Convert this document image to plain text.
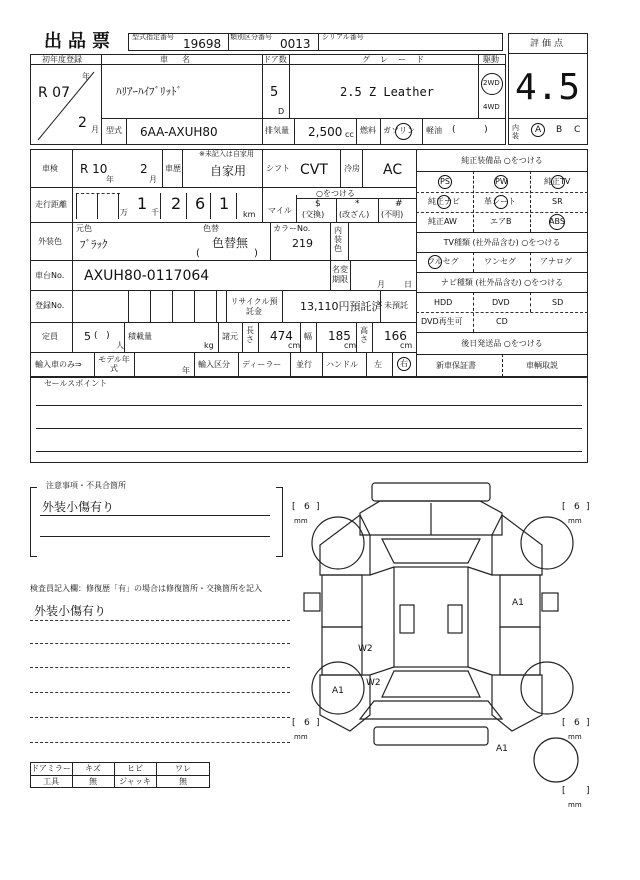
出品票 型式指定番号 19698 類別区分番号 0013 シリアル番号
評価点
4.5
内装
A B C
初年度登録
年
R 07
2 月
車名
ﾊﾘｱｰﾊｲﾌﾞﾘｯﾄﾞ
ドア数
5
D
グレード
2.5 Z Leather
駆動
2WD
4WD
型式 6AA-AXUH80	排気量 2,500 cc 燃料 ガソリン 軽油 (          )
車検 R 10
年
2
月
車歴
※未記入は自家用
自家用 シフト CVT 冷房 AC
走行距離
万 1 千 2 6 1
km マイル
○をつける
$
(交換)
*
(改ざん)
#
(不明)
外装色
元色	色替
ﾌﾞﾗｯｸ	色替無
(                 )
カラーNo.
219
内装色
車台No. AXUH80-0117064	名変期限
月 日
登録No.	リサイクル預託金	13,110円預託済 未預託
定員 5 (   )
人
積載量
kg
諸元
長さ 474
cm
幅 185
cm
高さ 166
cm
輸入車のみ⇒
モデル年式	年
輸入区分 ディーラー 並行 ハンドル 左 右
純正装備品 ○をつける
PS	PW	純正TV
純正ナビ	革シート	SR
純正AW	エアB	ABS
TV種類 (社外品含む) ○をつける
フルセグ	ワンセグ	アナログ
ナビ種類 (社外品含む) ○をつける
HDD	DVD	SD
DVD再生可	CD
後日発送品 ○をつける
新車保証書	車輌取説
セールスポイント
注意事項・不具合箇所
外装小傷有り
検査員記入欄：修復歴「有」の場合は修復箇所・交換箇所を記入
外装小傷有り
ドアミラー	キズ	ヒビ	ワレ
工具	無	ジャッキ	無
[ 6 ]
mm
[ 6 ]
mm
[ 6 ]
mm
[ 6 ]
mm
[ ]
mm
A1
W2
W2
A1
A1
